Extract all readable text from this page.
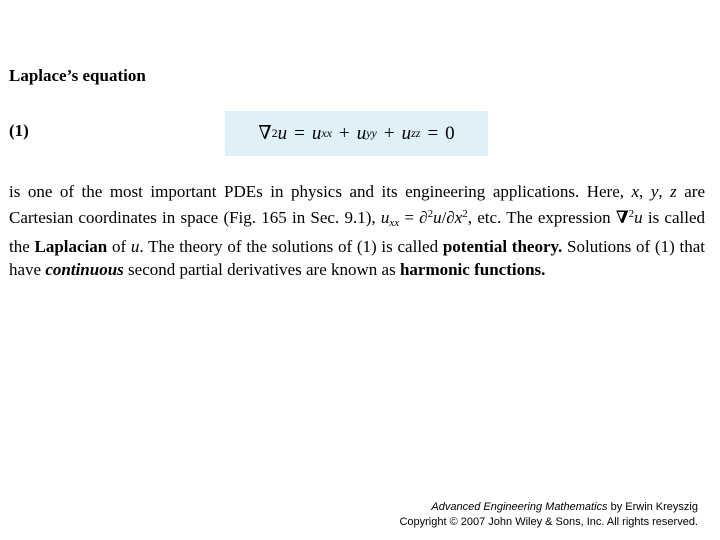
Laplace’s equation
(1)	∇ 2 u = u xx + u yy + u zz = 0

is one of the most important PDEs in physics and its engineering applications. Here, x, y, z are Cartesian coordinates in space (Fig. 165 in Sec. 9.1), $u_{xx} = \partial^2u/\partial x^2$, etc. The expression ∇$^2$u is called the Laplacian of u. The theory of the solutions of (1) is called potential theory. Solutions of (1) that have continuous second partial derivatives are known as harmonic functions.

Advanced Engineering Mathematics by Erwin Kreyszig
Copyright © 2007 John Wiley & Sons, Inc. All rights reserved.
